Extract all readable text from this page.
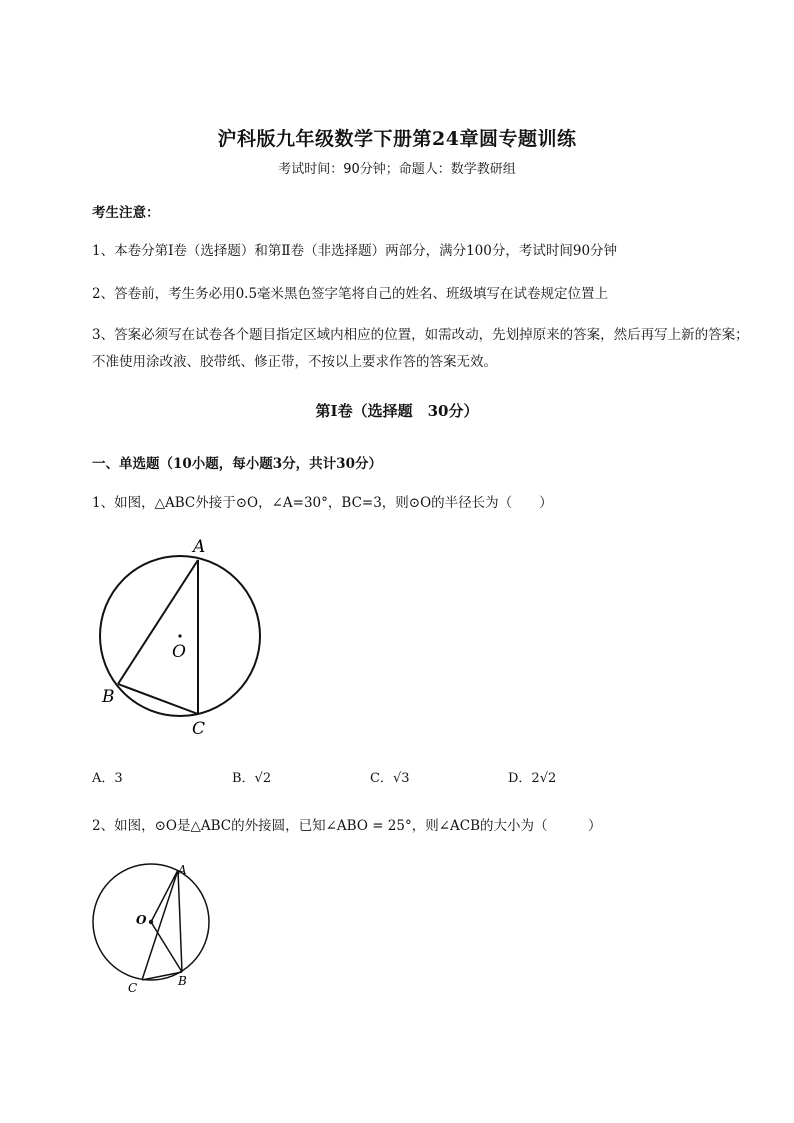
沪科版九年级数学下册第24章圆专题训练
考试时间：90分钟；命题人：数学教研组
考生注意：
1、本卷分第I卷（选择题）和第Ⅱ卷（非选择题）两部分，满分100分，考试时间90分钟
2、答卷前，考生务必用0.5毫米黑色签字笔将自己的姓名、班级填写在试卷规定位置上
3、答案必须写在试卷各个题目指定区域内相应的位置，如需改动，先划掉原来的答案，然后再写上新的答案；不准使用涂改液、胶带纸、修正带，不按以上要求作答的答案无效。
第I卷（选择题　30分）
一、单选题（10小题，每小题3分，共计30分）
1、如图，△ABC外接于⊙O，∠A=30°，BC=3，则⊙O的半径长为（　　）
A
B
C
O
A．3	B．√2	C．√3	D．2√2
2、如图，⊙O是△ABC的外接圆，已知∠ABO = 25°，则∠ACB的大小为（　　　）
A
B
C
O
